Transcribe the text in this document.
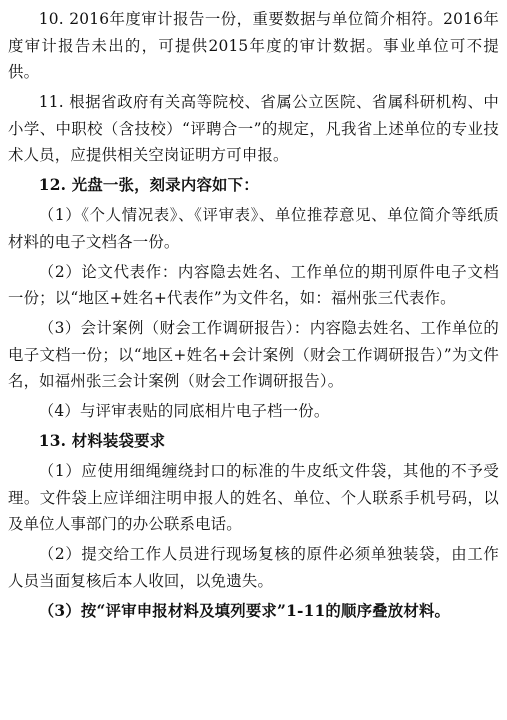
10. 2016年度审计报告一份，重要数据与单位简介相符。2016年度审计报告未出的，可提供2015年度的审计数据。事业单位可不提供。

11. 根据省政府有关高等院校、省属公立医院、省属科研机构、中小学、中职校（含技校）“评聘合一”的规定，凡我省上述单位的专业技术人员，应提供相关空岗证明方可申报。

12. 光盘一张，刻录内容如下：

（1）《个人情况表》、《评审表》、单位推荐意见、单位简介等纸质材料的电子文档各一份。

（2）论文代表作：内容隐去姓名、工作单位的期刊原件电子文档一份；以“地区+姓名+代表作”为文件名，如：福州张三代表作。

（3）会计案例（财会工作调研报告）：内容隐去姓名、工作单位的电子文档一份；以“地区+姓名+会计案例（财会工作调研报告）”为文件名，如福州张三会计案例（财会工作调研报告）。

（4）与评审表贴的同底相片电子档一份。

13. 材料装袋要求

（1）应使用细绳缠绕封口的标准的牛皮纸文件袋，其他的不予受理。文件袋上应详细注明申报人的姓名、单位、个人联系手机号码，以及单位人事部门的办公联系电话。

（2）提交给工作人员进行现场复核的原件必须单独装袋，由工作人员当面复核后本人收回，以免遗失。

（3）按“评审申报材料及填列要求”1-11的顺序叠放材料。
